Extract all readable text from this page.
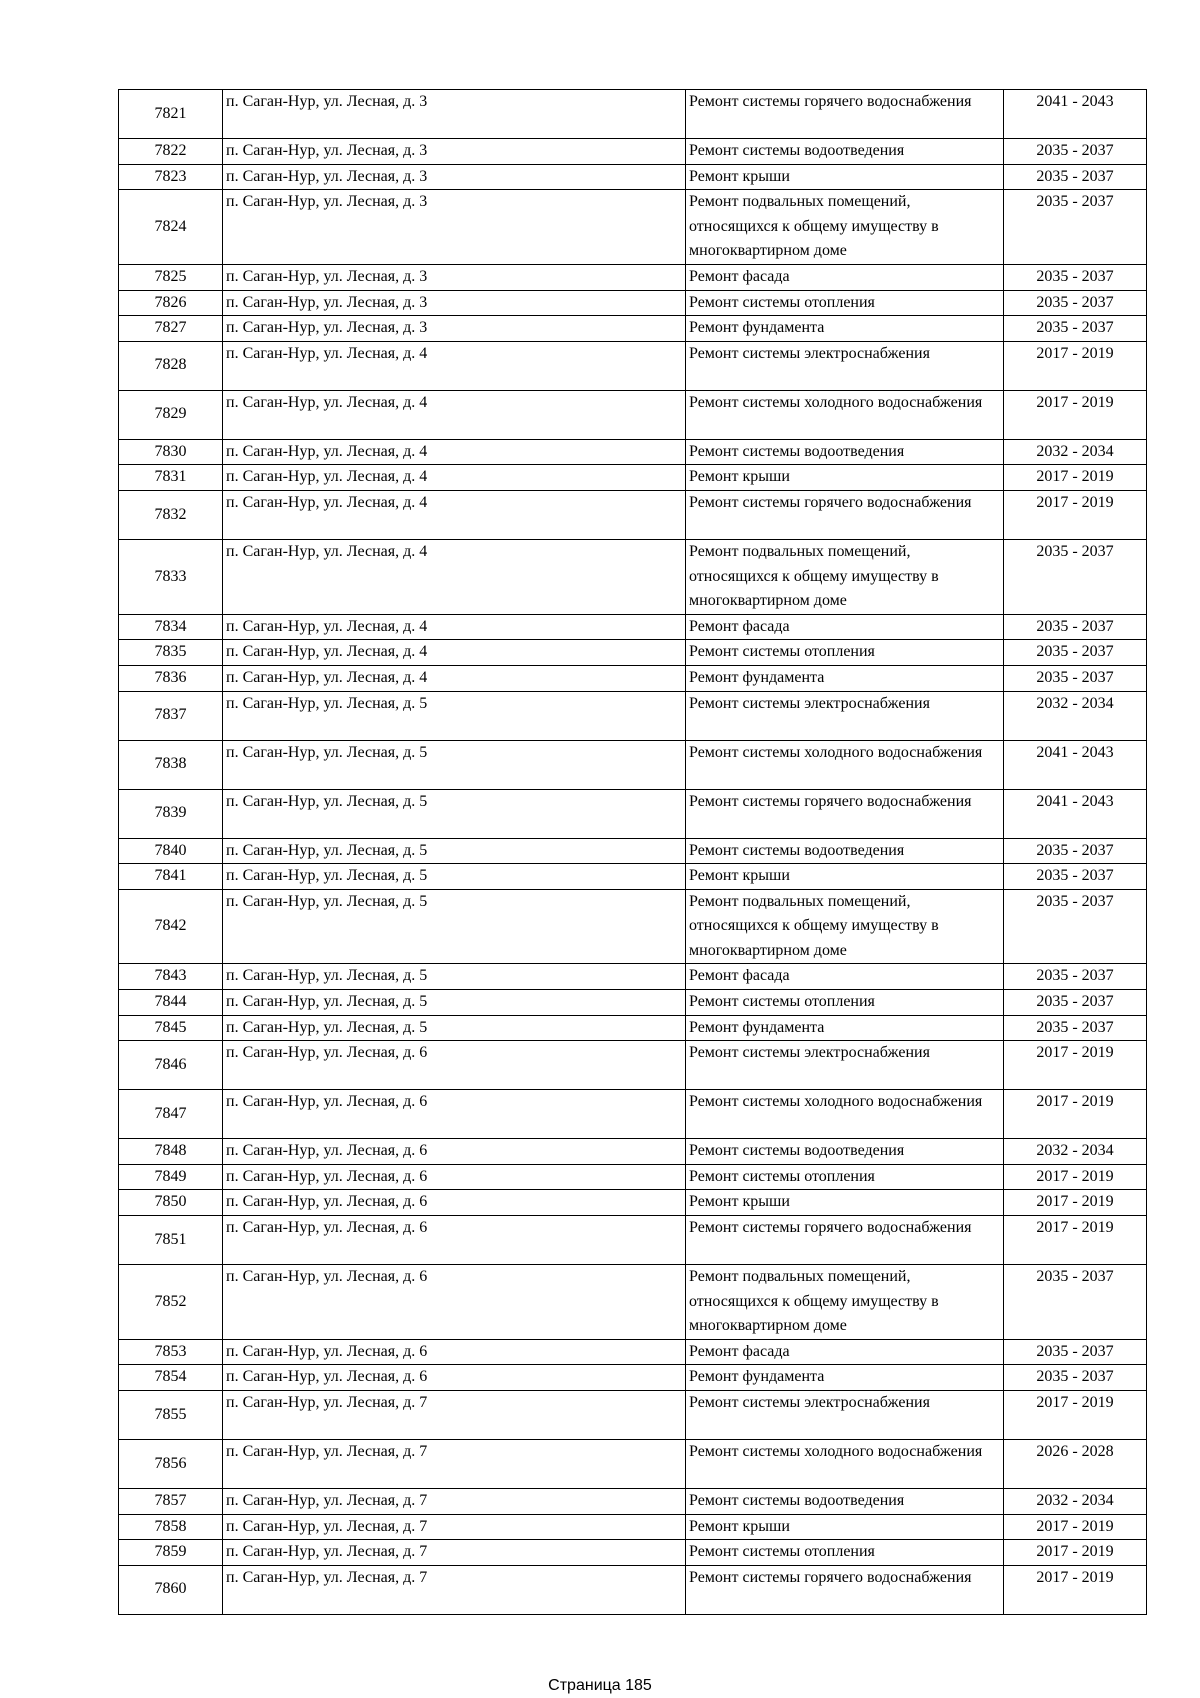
7821	п. Саган-Нур, ул. Лесная, д. 3	Ремонт системы горячего водоснабжения	2041 - 2043
7822	п. Саган-Нур, ул. Лесная, д. 3	Ремонт системы водоотведения	2035 - 2037
7823	п. Саган-Нур, ул. Лесная, д. 3	Ремонт крыши	2035 - 2037
7824	п. Саган-Нур, ул. Лесная, д. 3	Ремонт подвальных помещений, относящихся к общему имуществу в многоквартирном доме	2035 - 2037
7825	п. Саган-Нур, ул. Лесная, д. 3	Ремонт фасада	2035 - 2037
7826	п. Саган-Нур, ул. Лесная, д. 3	Ремонт системы отопления	2035 - 2037
7827	п. Саган-Нур, ул. Лесная, д. 3	Ремонт фундамента	2035 - 2037
7828	п. Саган-Нур, ул. Лесная, д. 4	Ремонт системы электроснабжения	2017 - 2019
7829	п. Саган-Нур, ул. Лесная, д. 4	Ремонт системы холодного водоснабжения	2017 - 2019
7830	п. Саган-Нур, ул. Лесная, д. 4	Ремонт системы водоотведения	2032 - 2034
7831	п. Саган-Нур, ул. Лесная, д. 4	Ремонт крыши	2017 - 2019
7832	п. Саган-Нур, ул. Лесная, д. 4	Ремонт системы горячего водоснабжения	2017 - 2019
7833	п. Саган-Нур, ул. Лесная, д. 4	Ремонт подвальных помещений, относящихся к общему имуществу в многоквартирном доме	2035 - 2037
7834	п. Саган-Нур, ул. Лесная, д. 4	Ремонт фасада	2035 - 2037
7835	п. Саган-Нур, ул. Лесная, д. 4	Ремонт системы отопления	2035 - 2037
7836	п. Саган-Нур, ул. Лесная, д. 4	Ремонт фундамента	2035 - 2037
7837	п. Саган-Нур, ул. Лесная, д. 5	Ремонт системы электроснабжения	2032 - 2034
7838	п. Саган-Нур, ул. Лесная, д. 5	Ремонт системы холодного водоснабжения	2041 - 2043
7839	п. Саган-Нур, ул. Лесная, д. 5	Ремонт системы горячего водоснабжения	2041 - 2043
7840	п. Саган-Нур, ул. Лесная, д. 5	Ремонт системы водоотведения	2035 - 2037
7841	п. Саган-Нур, ул. Лесная, д. 5	Ремонт крыши	2035 - 2037
7842	п. Саган-Нур, ул. Лесная, д. 5	Ремонт подвальных помещений, относящихся к общему имуществу в многоквартирном доме	2035 - 2037
7843	п. Саган-Нур, ул. Лесная, д. 5	Ремонт фасада	2035 - 2037
7844	п. Саган-Нур, ул. Лесная, д. 5	Ремонт системы отопления	2035 - 2037
7845	п. Саган-Нур, ул. Лесная, д. 5	Ремонт фундамента	2035 - 2037
7846	п. Саган-Нур, ул. Лесная, д. 6	Ремонт системы электроснабжения	2017 - 2019
7847	п. Саган-Нур, ул. Лесная, д. 6	Ремонт системы холодного водоснабжения	2017 - 2019
7848	п. Саган-Нур, ул. Лесная, д. 6	Ремонт системы водоотведения	2032 - 2034
7849	п. Саган-Нур, ул. Лесная, д. 6	Ремонт системы отопления	2017 - 2019
7850	п. Саган-Нур, ул. Лесная, д. 6	Ремонт крыши	2017 - 2019
7851	п. Саган-Нур, ул. Лесная, д. 6	Ремонт системы горячего водоснабжения	2017 - 2019
7852	п. Саган-Нур, ул. Лесная, д. 6	Ремонт подвальных помещений, относящихся к общему имуществу в многоквартирном доме	2035 - 2037
7853	п. Саган-Нур, ул. Лесная, д. 6	Ремонт фасада	2035 - 2037
7854	п. Саган-Нур, ул. Лесная, д. 6	Ремонт фундамента	2035 - 2037
7855	п. Саган-Нур, ул. Лесная, д. 7	Ремонт системы электроснабжения	2017 - 2019
7856	п. Саган-Нур, ул. Лесная, д. 7	Ремонт системы холодного водоснабжения	2026 - 2028
7857	п. Саган-Нур, ул. Лесная, д. 7	Ремонт системы водоотведения	2032 - 2034
7858	п. Саган-Нур, ул. Лесная, д. 7	Ремонт крыши	2017 - 2019
7859	п. Саган-Нур, ул. Лесная, д. 7	Ремонт системы отопления	2017 - 2019
7860	п. Саган-Нур, ул. Лесная, д. 7	Ремонт системы горячего водоснабжения	2017 - 2019
Страница 185
